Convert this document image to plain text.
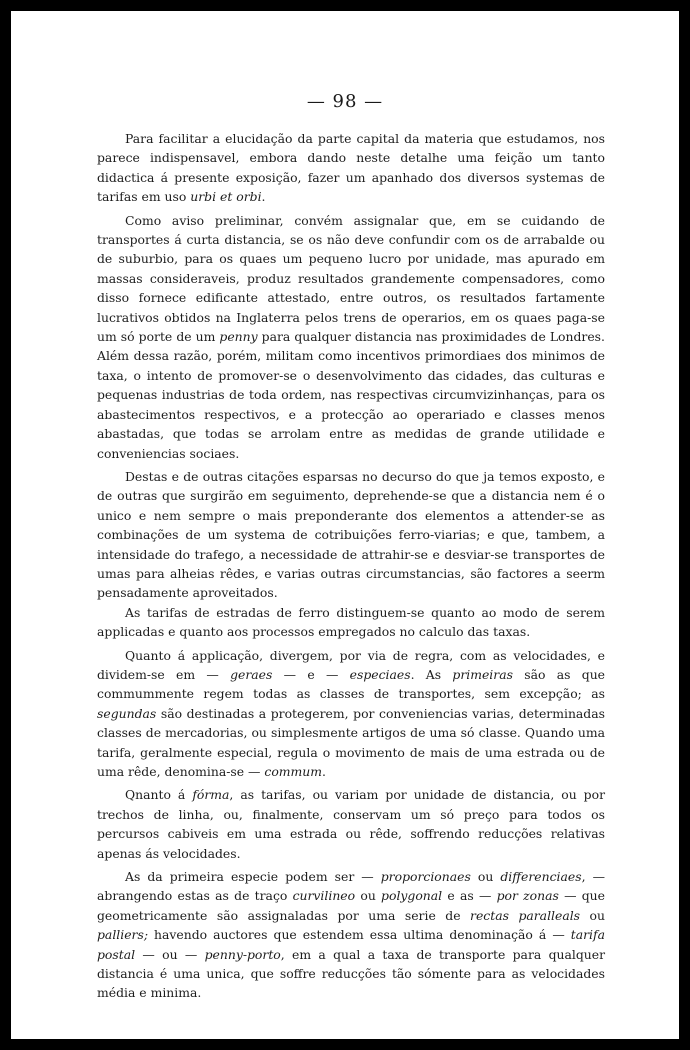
— 98 —

Para facilitar a elucidação da parte capital da materia que estudamos, nos parece indispensavel, embora dando neste detalhe uma feição um tanto didactica á presente exposição, fazer um apanhado dos diversos systemas de tarifas em uso urbi et orbi.

Como aviso preliminar, convém assignalar que, em se cuidando de transportes á curta distancia, se os não deve confundir com os de arrabalde ou de suburbio, para os quaes um pequeno lucro por unidade, mas apurado em massas consideraveis, produz resultados grandemente compensadores, como disso fornece edificante attestado, entre outros, os resultados fartamente lucrativos obtidos na Inglaterra pelos trens de operarios, em os quaes paga-se um só porte de um penny para qualquer distancia nas proximidades de Londres. Além dessa razão, porém, militam como incentivos primordiaes dos minimos de taxa, o intento de promover-se o desenvolvimento das cidades, das culturas e pequenas industrias de toda ordem, nas respectivas circumvizinhanças, para os abastecimentos respectivos, e a protecção ao operariado e classes menos abastadas, que todas se arrolam entre as medidas de grande utilidade e conveniencias sociaes.

Destas e de outras citações esparsas no decurso do que ja temos exposto, e de outras que surgirão em seguimento, deprehende-se que a distancia nem é o unico e nem sempre o mais preponderante dos elementos a attender-se as combinações de um systema de cotribuições ferro-viarias; e que, tambem, a intensidade do trafego, a necessidade de attrahir-se e desviar-se transportes de umas para alheias rêdes, e varias outras circumstancias, são factores a seerm pensadamente aproveitados.

As tarifas de estradas de ferro distinguem-se quanto ao modo de serem applicadas e quanto aos processos empregados no calculo das taxas.

Quanto á applicação, divergem, por via de regra, com as velocidades, e dividem-se em — geraes — e — especiaes. As primeiras são as que commummente regem todas as classes de transportes, sem excepção; as segundas são destinadas a protegerem, por conveniencias varias, determinadas classes de mercadorias, ou simplesmente artigos de uma só classe. Quando uma tarifa, geralmente especial, regula o movimento de mais de uma estrada ou de uma rêde, denomina-se — commum.

Qnanto á fórma, as tarifas, ou variam por unidade de distancia, ou por trechos de linha, ou, finalmente, conservam um só preço para todos os percursos cabiveis em uma estrada ou rêde, soffrendo reducções relativas apenas ás velocidades.

As da primeira especie podem ser — proporcionaes ou differenciaes, — abrangendo estas as de traço curvilineo ou polygonal e as — por zonas — que geometricamente são assignaladas por uma serie de rectas paralleals ou palliers; havendo auctores que estendem essa ultima denominação á — tarifa postal — ou — penny-porto, em a qual a taxa de transporte para qualquer distancia é uma unica, que soffre reducções tão sómente para as velocidades média e minima.
